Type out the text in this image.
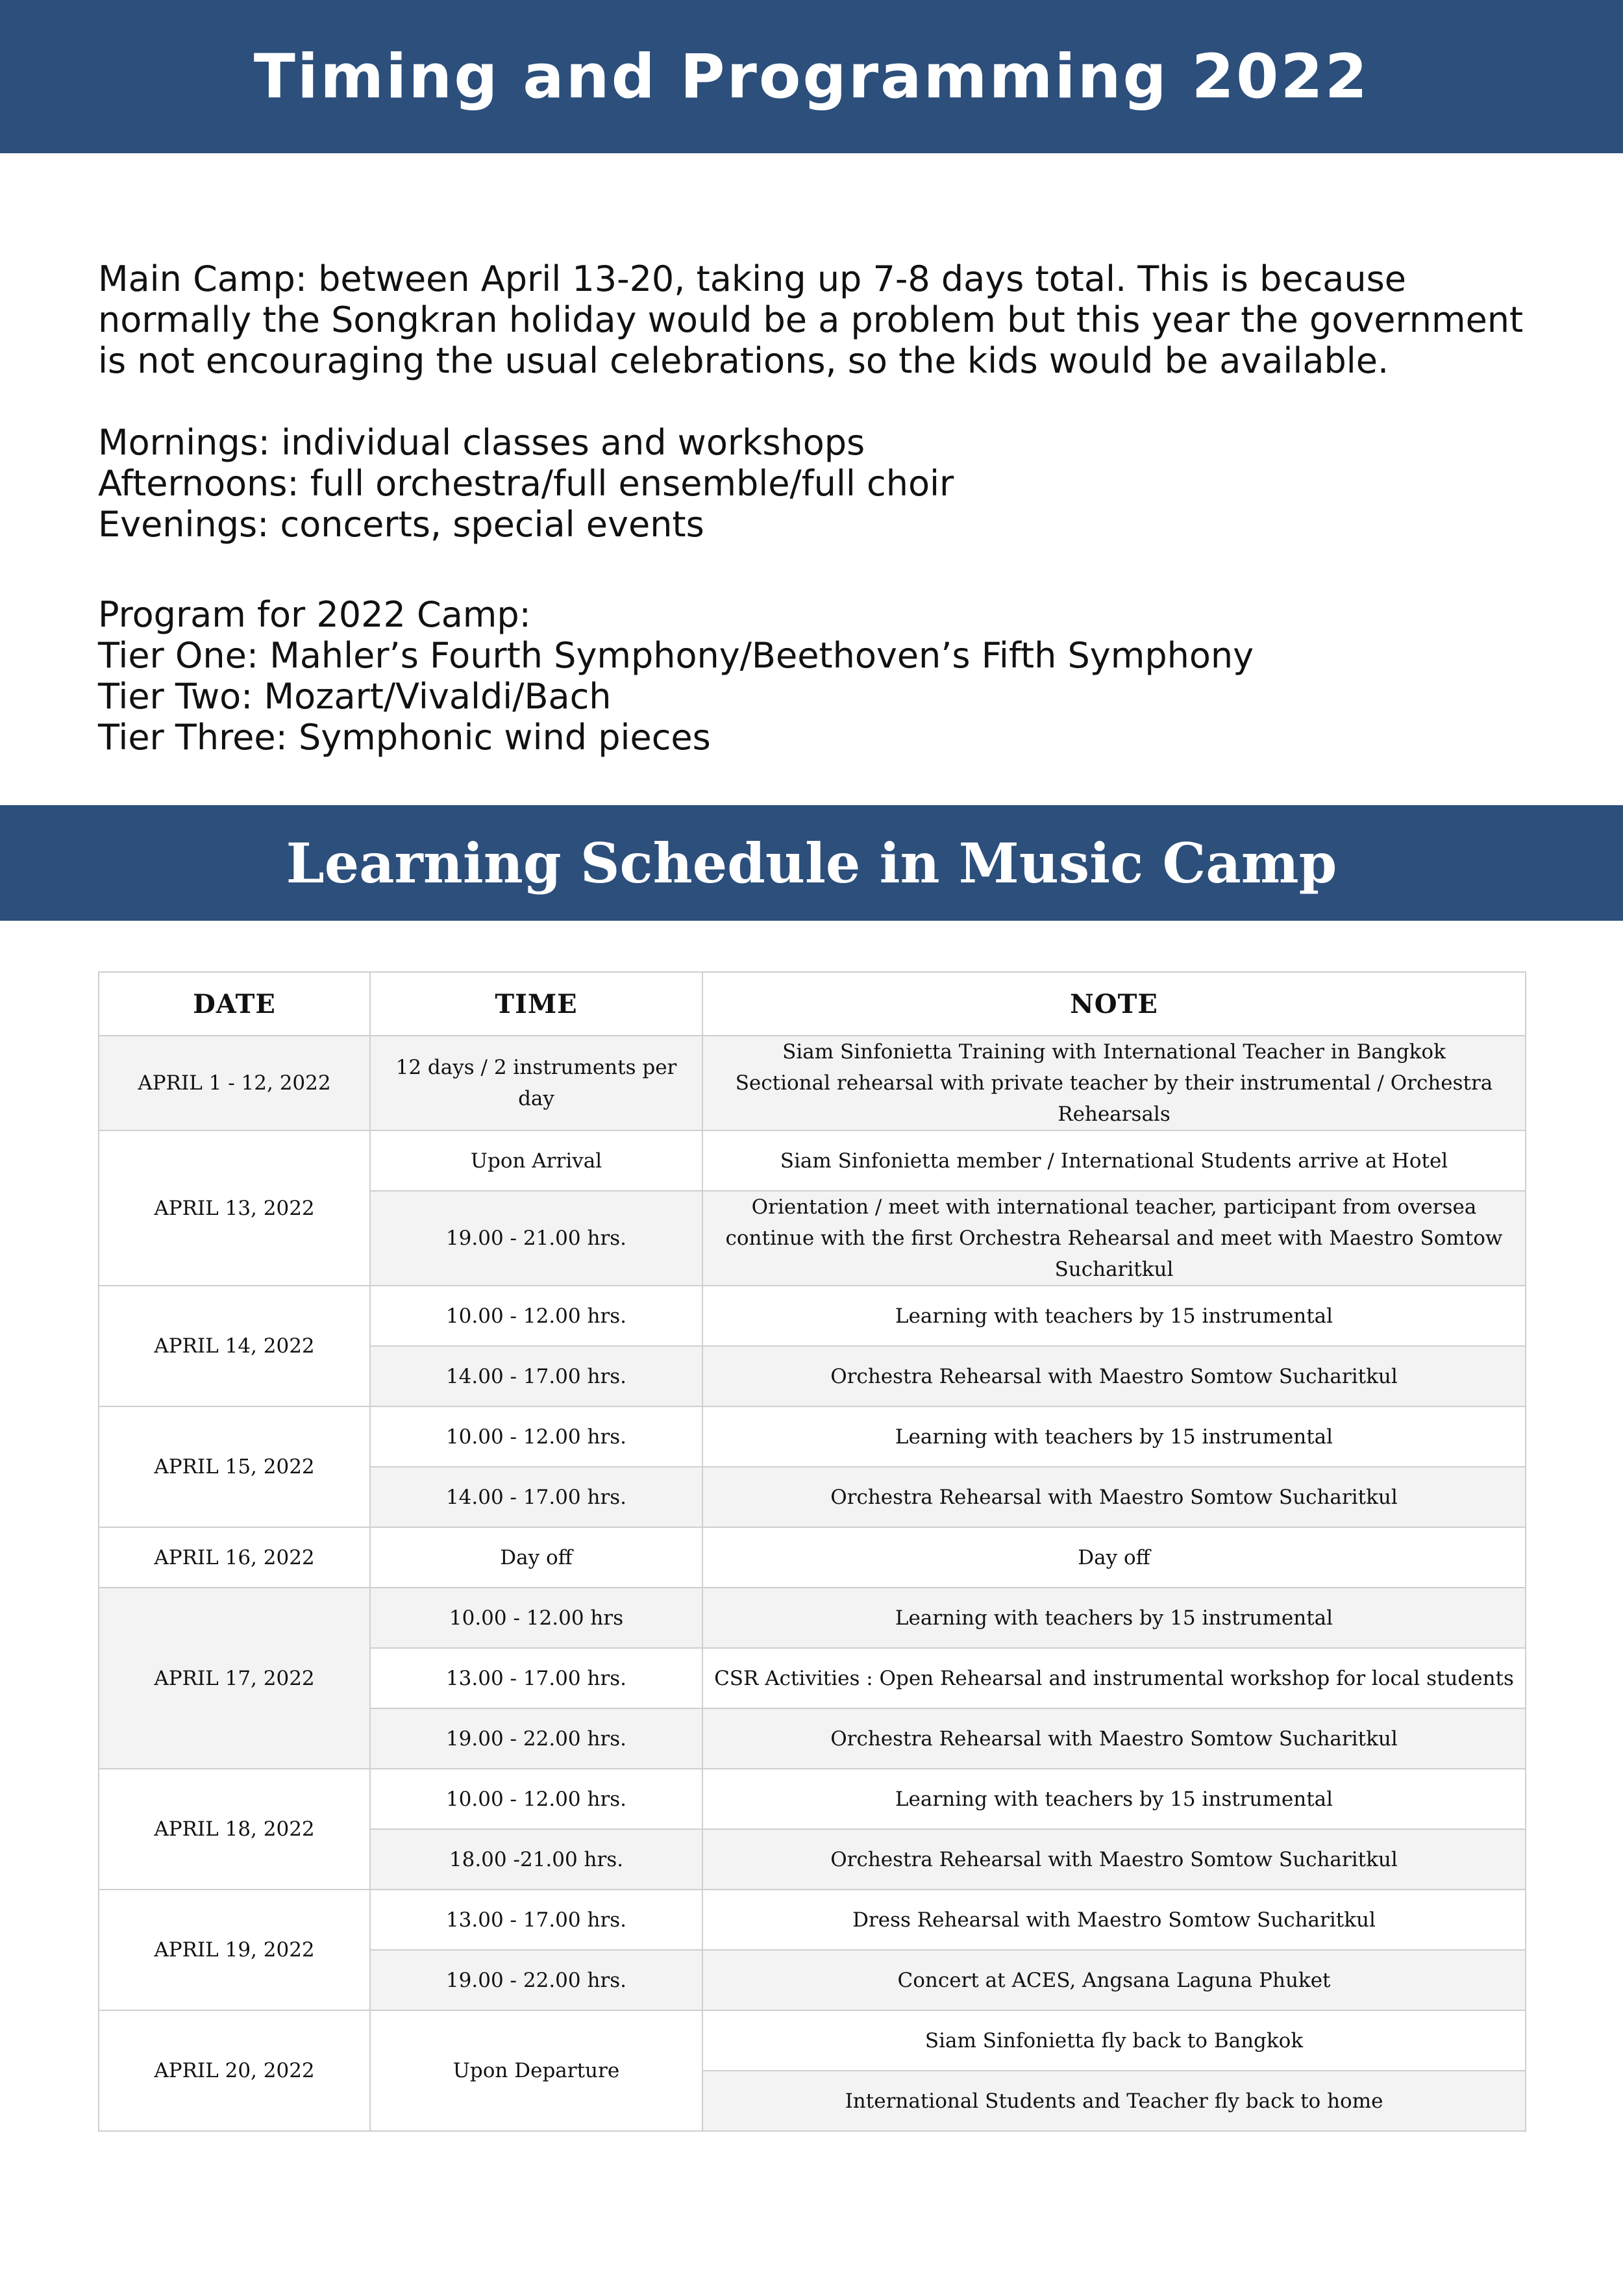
Timing and Programming 2022

Main Camp: between April 13-20, taking up 7-8 days total. This is because normally the Songkran holiday would be a problem but this year the government is not encouraging the usual celebrations, so the kids would be available.

Mornings: individual classes and workshops

Afternoons: full orchestra/full ensemble/full choir

Evenings: concerts, special events

Program for 2022 Camp:

Tier One: Mahler’s Fourth Symphony/Beethoven’s Fifth Symphony

Tier Two: Mozart/Vivaldi/Bach

Tier Three: Symphonic wind pieces

Learning Schedule in Music Camp
DATE	TIME	NOTE
APRIL 1 - 12, 2022	12 days / 2 instruments per day	Siam Sinfonietta Training with International Teacher in Bangkok
Sectional rehearsal with private teacher by their instrumental / Orchestra Rehearsals

APRIL 13, 2022	Upon Arrival	Siam Sinfonietta member / International Students arrive at Hotel
	19.00 - 21.00 hrs.	Orientation / meet with international teacher, participant from oversea
continue with the first Orchestra Rehearsal and meet with Maestro Somtow Sucharitkul

APRIL 14, 2022	10.00 - 12.00 hrs.	Learning with teachers by 15 instrumental
	14.00 - 17.00 hrs.	Orchestra Rehearsal with Maestro Somtow Sucharitkul
APRIL 15, 2022	10.00 - 12.00 hrs.	Learning with teachers by 15 instrumental
	14.00 - 17.00 hrs.	Orchestra Rehearsal with Maestro Somtow Sucharitkul
APRIL 16, 2022	Day off	Day off
APRIL 17, 2022	10.00 - 12.00 hrs	Learning with teachers by 15 instrumental
	13.00 - 17.00 hrs.	CSR Activities : Open Rehearsal and instrumental workshop for local students
	19.00 - 22.00 hrs.	Orchestra Rehearsal with Maestro Somtow Sucharitkul
APRIL 18, 2022	10.00 - 12.00 hrs.	Learning with teachers by 15 instrumental
	18.00 -21.00 hrs.	Orchestra Rehearsal with Maestro Somtow Sucharitkul
APRIL 19, 2022	13.00 - 17.00 hrs.	Dress Rehearsal with Maestro Somtow Sucharitkul
	19.00 - 22.00 hrs.	Concert at ACES, Angsana Laguna Phuket
APRIL 20, 2022	Upon Departure	Siam Sinfonietta fly back to Bangkok
		International Students and Teacher fly back to home
